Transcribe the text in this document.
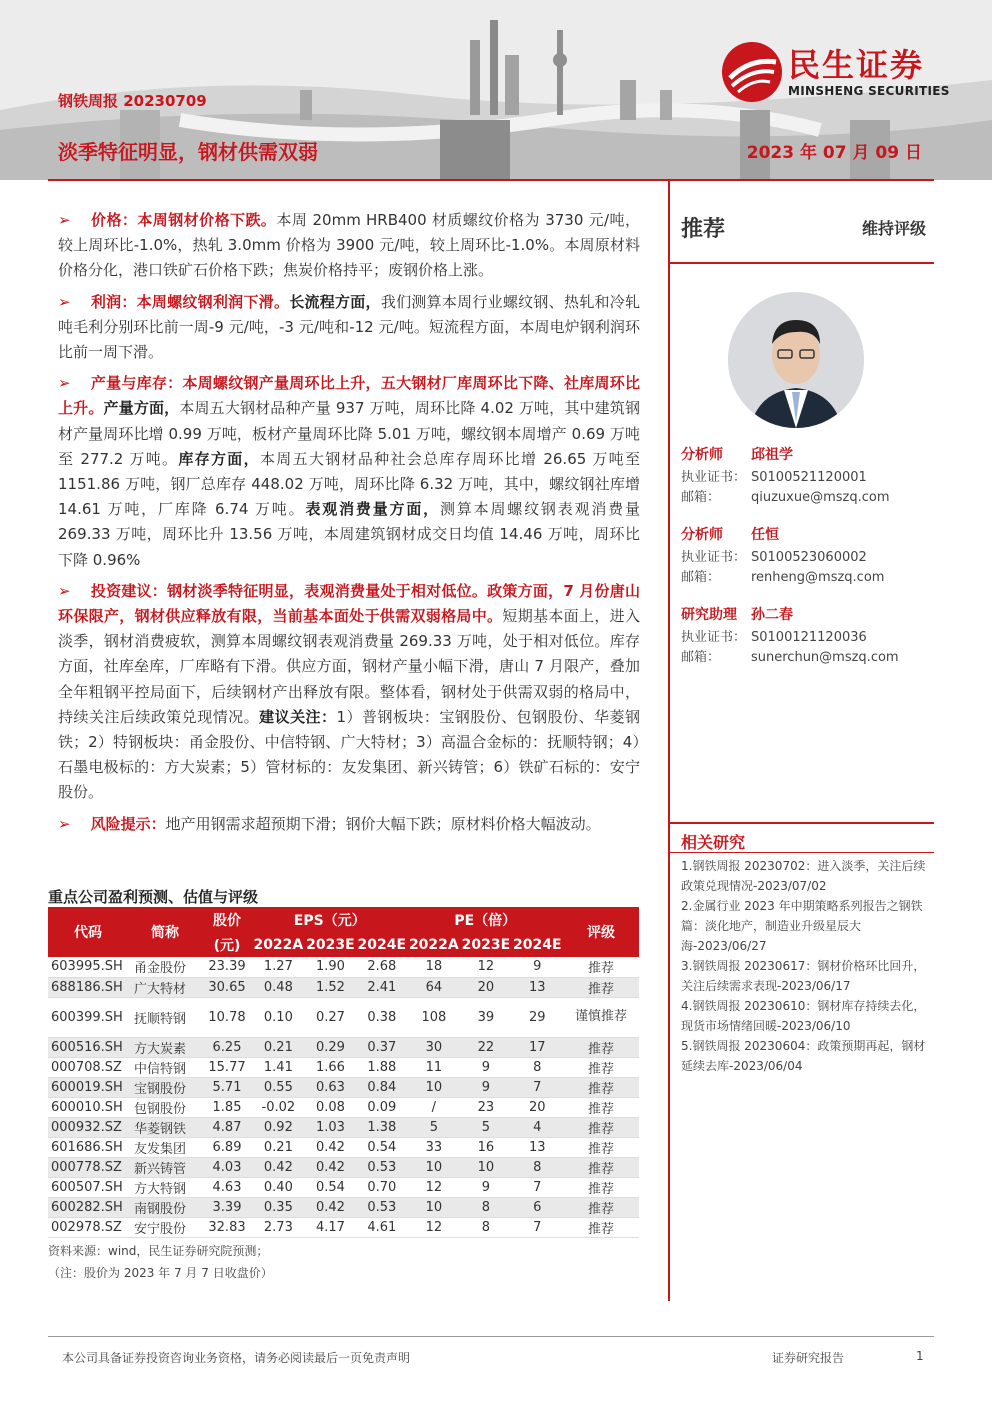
钢铁周报 20230709
淡季特征明显，钢材供需双弱	2023 年 07 月 09 日
民生证券
MINSHENG SECURITIES
➢ 价格：本周钢材价格下跌。本周 20mm HRB400 材质螺纹价格为 3730 元/吨，较上周环比-1.0%，热轧 3.0mm 价格为 3900 元/吨，较上周环比-1.0%。本周原材料价格分化，港口铁矿石价格下跌；焦炭价格持平；废钢价格上涨。
➢ 利润：本周螺纹钢利润下滑。长流程方面，我们测算本周行业螺纹钢、热轧和冷轧吨毛利分别环比前一周-9 元/吨，-3 元/吨和-12 元/吨。短流程方面，本周电炉钢利润环比前一周下滑。
➢ 产量与库存：本周螺纹钢产量周环比上升，五大钢材厂库周环比下降、社库周环比上升。产量方面，本周五大钢材品种产量 937 万吨，周环比降 4.02 万吨，其中建筑钢材产量周环比增 0.99 万吨，板材产量周环比降 5.01 万吨，螺纹钢本周增产 0.69 万吨至 277.2 万吨。库存方面，本周五大钢材品种社会总库存周环比增 26.65 万吨至 1151.86 万吨，钢厂总库存 448.02 万吨，周环比降 6.32 万吨，其中，螺纹钢社库增 14.61 万吨，厂库降 6.74 万吨。表观消费量方面，测算本周螺纹钢表观消费量 269.33 万吨，周环比升 13.56 万吨，本周建筑钢材成交日均值 14.46 万吨，周环比下降 0.96%
➢ 投资建议：钢材淡季特征明显，表观消费量处于相对低位。政策方面，7 月份唐山环保限产，钢材供应释放有限，当前基本面处于供需双弱格局中。短期基本面上，进入淡季，钢材消费疲软，测算本周螺纹钢表观消费量 269.33 万吨，处于相对低位。库存方面，社库垒库，厂库略有下滑。供应方面，钢材产量小幅下滑，唐山 7 月限产，叠加全年粗钢平控局面下，后续钢材产出释放有限。整体看，钢材处于供需双弱的格局中，持续关注后续政策兑现情况。建议关注：1）普钢板块：宝钢股份、包钢股份、华菱钢铁；2）特钢板块：甬金股份、中信特钢、广大特材；3）高温合金标的：抚顺特钢；4）石墨电极标的：方大炭素；5）管材标的：友发集团、新兴铸管；6）铁矿石标的：安宁股份。
➢ 风险提示：地产用钢需求超预期下滑；钢价大幅下跌；原材料价格大幅波动。
重点公司盈利预测、估值与评级
代码	简称	股价	EPS（元）			PE（倍）			评级
		(元)	2022A	2023E	2024E	2022A	2023E	2024E	
603995.SH	甬金股份	23.39	1.27	1.90	2.68	18	12	9	推荐
688186.SH	广大特材	30.65	0.48	1.52	2.41	64	20	13	推荐
600399.SH	抚顺特钢	10.78	0.10	0.27	0.38	108	39	29	谨慎推荐
600516.SH	方大炭素	6.25	0.21	0.29	0.37	30	22	17	推荐
000708.SZ	中信特钢	15.77	1.41	1.66	1.88	11	9	8	推荐
600019.SH	宝钢股份	5.71	0.55	0.63	0.84	10	9	7	推荐
600010.SH	包钢股份	1.85	-0.02	0.08	0.09	/	23	20	推荐
000932.SZ	华菱钢铁	4.87	0.92	1.03	1.38	5	5	4	推荐
601686.SH	友发集团	6.89	0.21	0.42	0.54	33	16	13	推荐
000778.SZ	新兴铸管	4.03	0.42	0.42	0.53	10	10	8	推荐
600507.SH	方大特钢	4.63	0.40	0.54	0.70	12	9	7	推荐
600282.SH	南钢股份	3.39	0.35	0.42	0.53	10	8	6	推荐
002978.SZ	安宁股份	32.83	2.73	4.17	4.61	12	8	7	推荐
资料来源：wind，民生证券研究院预测；
（注：股价为 2023 年 7 月 7 日收盘价）
推荐	维持评级
分析师 邱祖学
执业证书： S0100521120001
邮箱： qiuzuxue@mszq.com
分析师 任恒
执业证书： S0100523060002
邮箱： renheng@mszq.com
研究助理 孙二春
执业证书： S0100121120036
邮箱： sunerchun@mszq.com
相关研究
1.钢铁周报 20230702：进入淡季，关注后续政策兑现情况-2023/07/02
2.金属行业 2023 年中期策略系列报告之钢铁篇：淡化地产，制造业升级星辰大海-2023/06/27
3.钢铁周报 20230617：钢材价格环比回升，关注后续需求表现-2023/06/17
4.钢铁周报 20230610：钢材库存持续去化，现货市场情绪回暖-2023/06/10
5.钢铁周报 20230604：政策预期再起，钢材延续去库-2023/06/04
本公司具备证券投资咨询业务资格，请务必阅读最后一页免责声明	证券研究报告	1
